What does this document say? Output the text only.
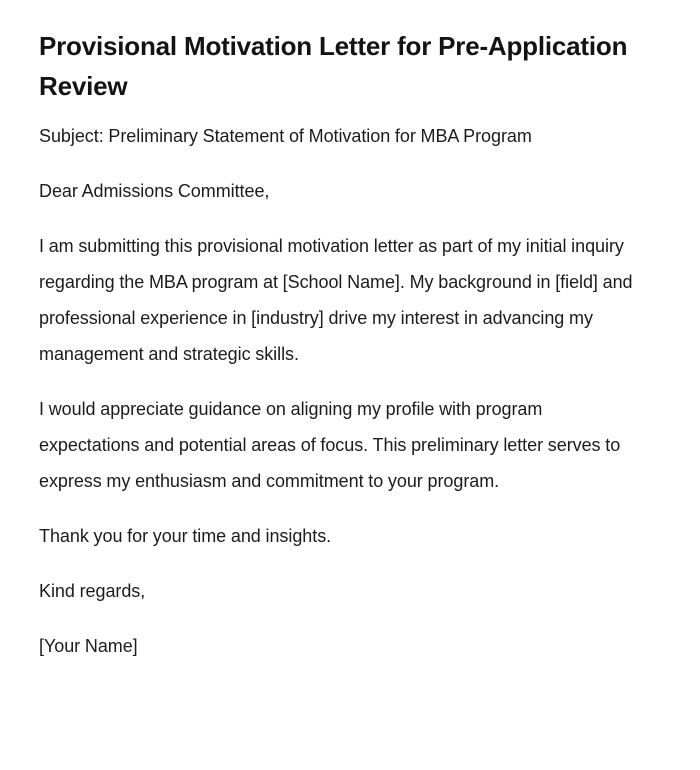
Provisional Motivation Letter for Pre-Application Review

Subject: Preliminary Statement of Motivation for MBA Program

Dear Admissions Committee,

I am submitting this provisional motivation letter as part of my initial inquiry regarding the MBA program at [School Name]. My background in [field] and professional experience in [industry] drive my interest in advancing my management and strategic skills.

I would appreciate guidance on aligning my profile with program expectations and potential areas of focus. This preliminary letter serves to express my enthusiasm and commitment to your program.

Thank you for your time and insights.

Kind regards,

[Your Name]
